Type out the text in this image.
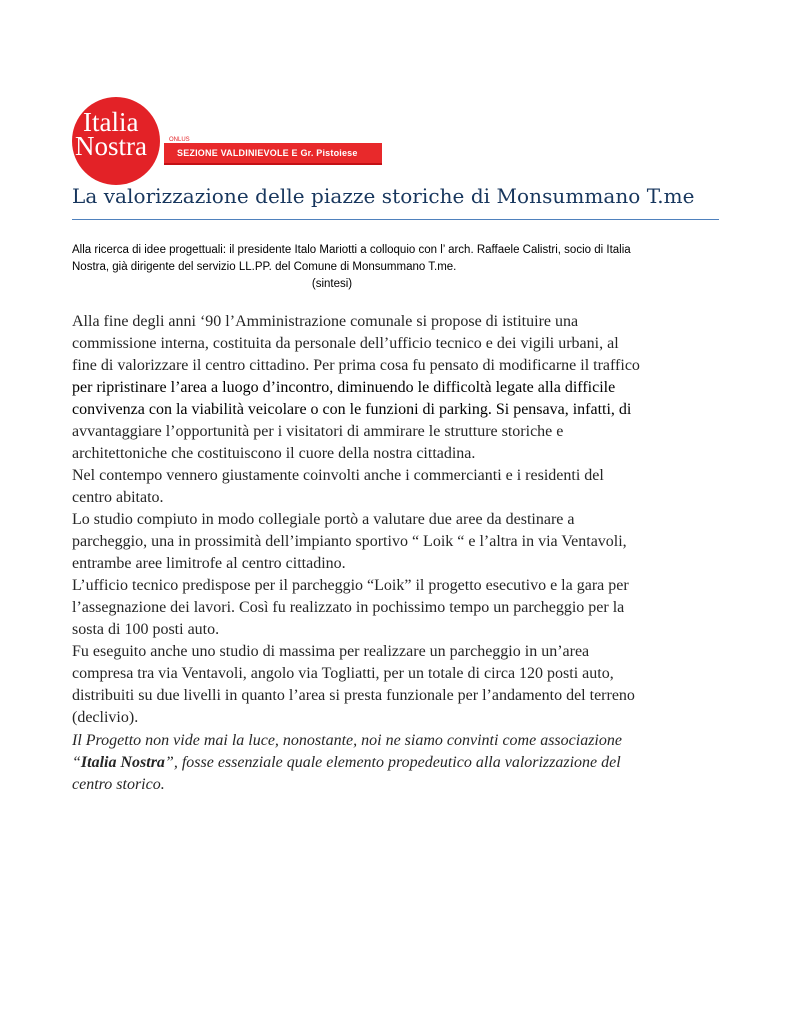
Italia
Nostra	ONLUS
SEZIONE VALDINIEVOLE E Gr. Pistoiese
La valorizzazione delle piazze storiche di Monsummano T.me
Alla ricerca di idee progettuali: il presidente Italo Mariotti a colloquio con l’ arch. Raffaele Calistri, socio di Italia
Nostra, già dirigente del servizio LL.PP. del Comune di Monsummano T.me.
(sintesi)
Alla fine degli anni ‘90 l’Amministrazione comunale si propose di istituire una
commissione interna, costituita da personale dell’ufficio tecnico e dei vigili urbani, al
fine di valorizzare il centro cittadino. Per prima cosa fu pensato di modificarne il traffico
per ripristinare l’area a luogo d’incontro, diminuendo le difficoltà legate alla difficile
convivenza con la viabilità veicolare o con le funzioni di parking. Si pensava, infatti, di
avvantaggiare l’opportunità per i visitatori di ammirare le strutture storiche e
architettoniche che costituiscono il cuore della nostra cittadina.
Nel contempo vennero giustamente coinvolti anche i commercianti e i residenti del
centro abitato.
Lo studio compiuto in modo collegiale portò a valutare due aree da destinare a
parcheggio, una in prossimità dell’impianto sportivo “ Loik “ e l’altra in via Ventavoli,
entrambe aree limitrofe al centro cittadino.
L’ufficio tecnico predispose per il parcheggio “Loik” il progetto esecutivo e la gara per
l’assegnazione dei lavori. Così fu realizzato in pochissimo tempo un parcheggio per la
sosta di 100 posti auto.
Fu eseguito anche uno studio di massima per realizzare un parcheggio in un’area
compresa tra via Ventavoli, angolo via Togliatti, per un totale di circa 120 posti auto,
distribuiti su due livelli in quanto l’area si presta funzionale per l’andamento del terreno
(declivio).
Il Progetto non vide mai la luce, nonostante, noi ne siamo convinti come associazione
“Italia Nostra”, fosse essenziale quale elemento propedeutico alla valorizzazione del
centro storico.
